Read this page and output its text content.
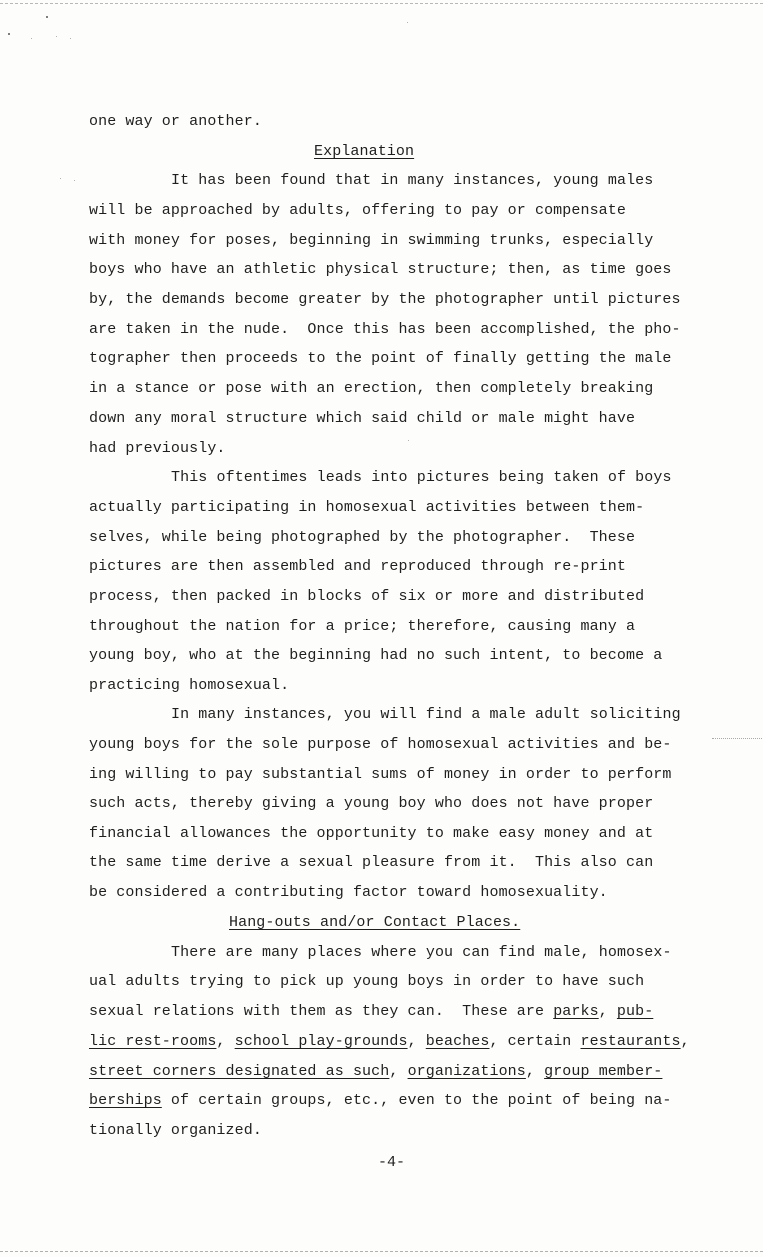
one way or another.
Explanation
It has been found that in many instances, young males
will be approached by adults, offering to pay or compensate
with money for poses, beginning in swimming trunks, especially
boys who have an athletic physical structure; then, as time goes
by, the demands become greater by the photographer until pictures
are taken in the nude.  Once this has been accomplished, the pho-
tographer then proceeds to the point of finally getting the male
in a stance or pose with an erection, then completely breaking
down any moral structure which said child or male might have
had previously.
This oftentimes leads into pictures being taken of boys
actually participating in homosexual activities between them-
selves, while being photographed by the photographer.  These
pictures are then assembled and reproduced through re-print
process, then packed in blocks of six or more and distributed
throughout the nation for a price; therefore, causing many a
young boy, who at the beginning had no such intent, to become a
practicing homosexual.
In many instances, you will find a male adult soliciting
young boys for the sole purpose of homosexual activities and be-
ing willing to pay substantial sums of money in order to perform
such acts, thereby giving a young boy who does not have proper
financial allowances the opportunity to make easy money and at
the same time derive a sexual pleasure from it.  This also can
be considered a contributing factor toward homosexuality.
Hang-outs and/or Contact Places.
There are many places where you can find male, homosex-
ual adults trying to pick up young boys in order to have such
sexual relations with them as they can.  These are parks, pub-
lic rest-rooms, school play-grounds, beaches, certain restaurants,
street corners designated as such, organizations, group member-
berships of certain groups, etc., even to the point of being na-
tionally organized.
-4-
